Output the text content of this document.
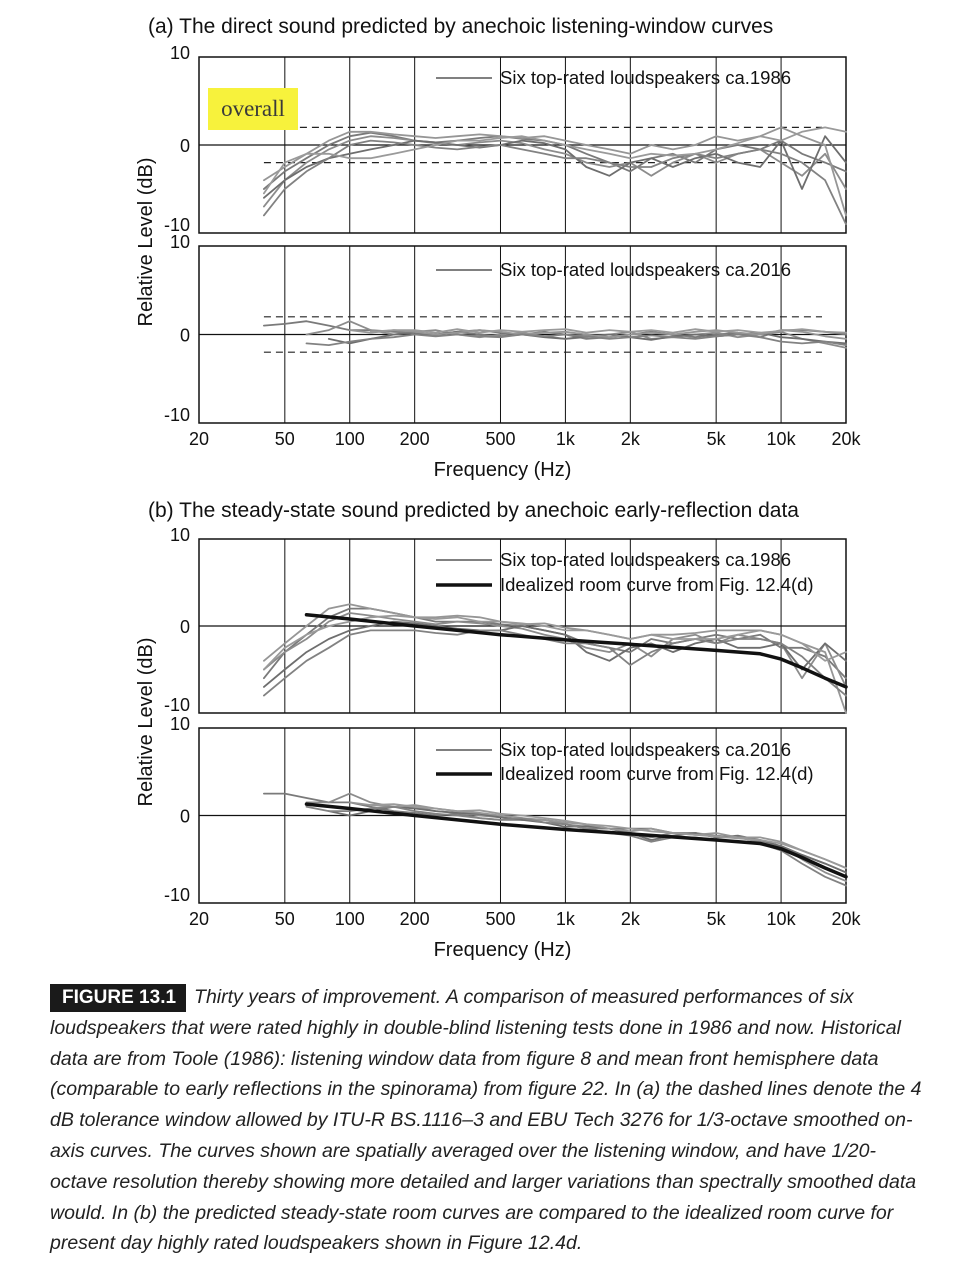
(a) The direct sound predicted by anechoic listening-window curves
10
0
-10
Six top-rated loudspeakers ca.1986
10
0
-10
20	50 100 200	500 1k	2k	5k 10k 20k
Frequency (Hz)
Six top-rated loudspeakers ca.2016
(b) The steady-state sound predicted by anechoic early-reflection data
10
0
-10
Six top-rated loudspeakers ca.1986
Idealized room curve from Fig. 12.4(d)
10
0
-10
20	50 100 200	500 1k	2k	5k 10k 20k
Frequency (Hz)
Six top-rated loudspeakers ca.2016
Idealized room curve from Fig. 12.4(d)
Relative Level (dB)
Relative Level (dB)
overall
FIGURE 13.1 Thirty years of improvement. A comparison of measured performances of six loudspeakers that were rated highly in double-blind listening tests done in 1986 and now. Historical data are from Toole (1986): listening window data from figure 8 and mean front hemisphere data (comparable to early reflections in the spinorama) from figure 22. In (a) the dashed lines denote the 4 dB tolerance window allowed by ITU-R BS.1116–3 and EBU Tech 3276 for 1/3-octave smoothed on-axis curves. The curves shown are spatially averaged over the listening window, and have 1/20-octave resolution thereby showing more detailed and larger variations than spectrally smoothed data would. In (b) the predicted steady-state room curves are compared to the idealized room curve for present day highly rated loudspeakers shown in Figure 12.4d.
